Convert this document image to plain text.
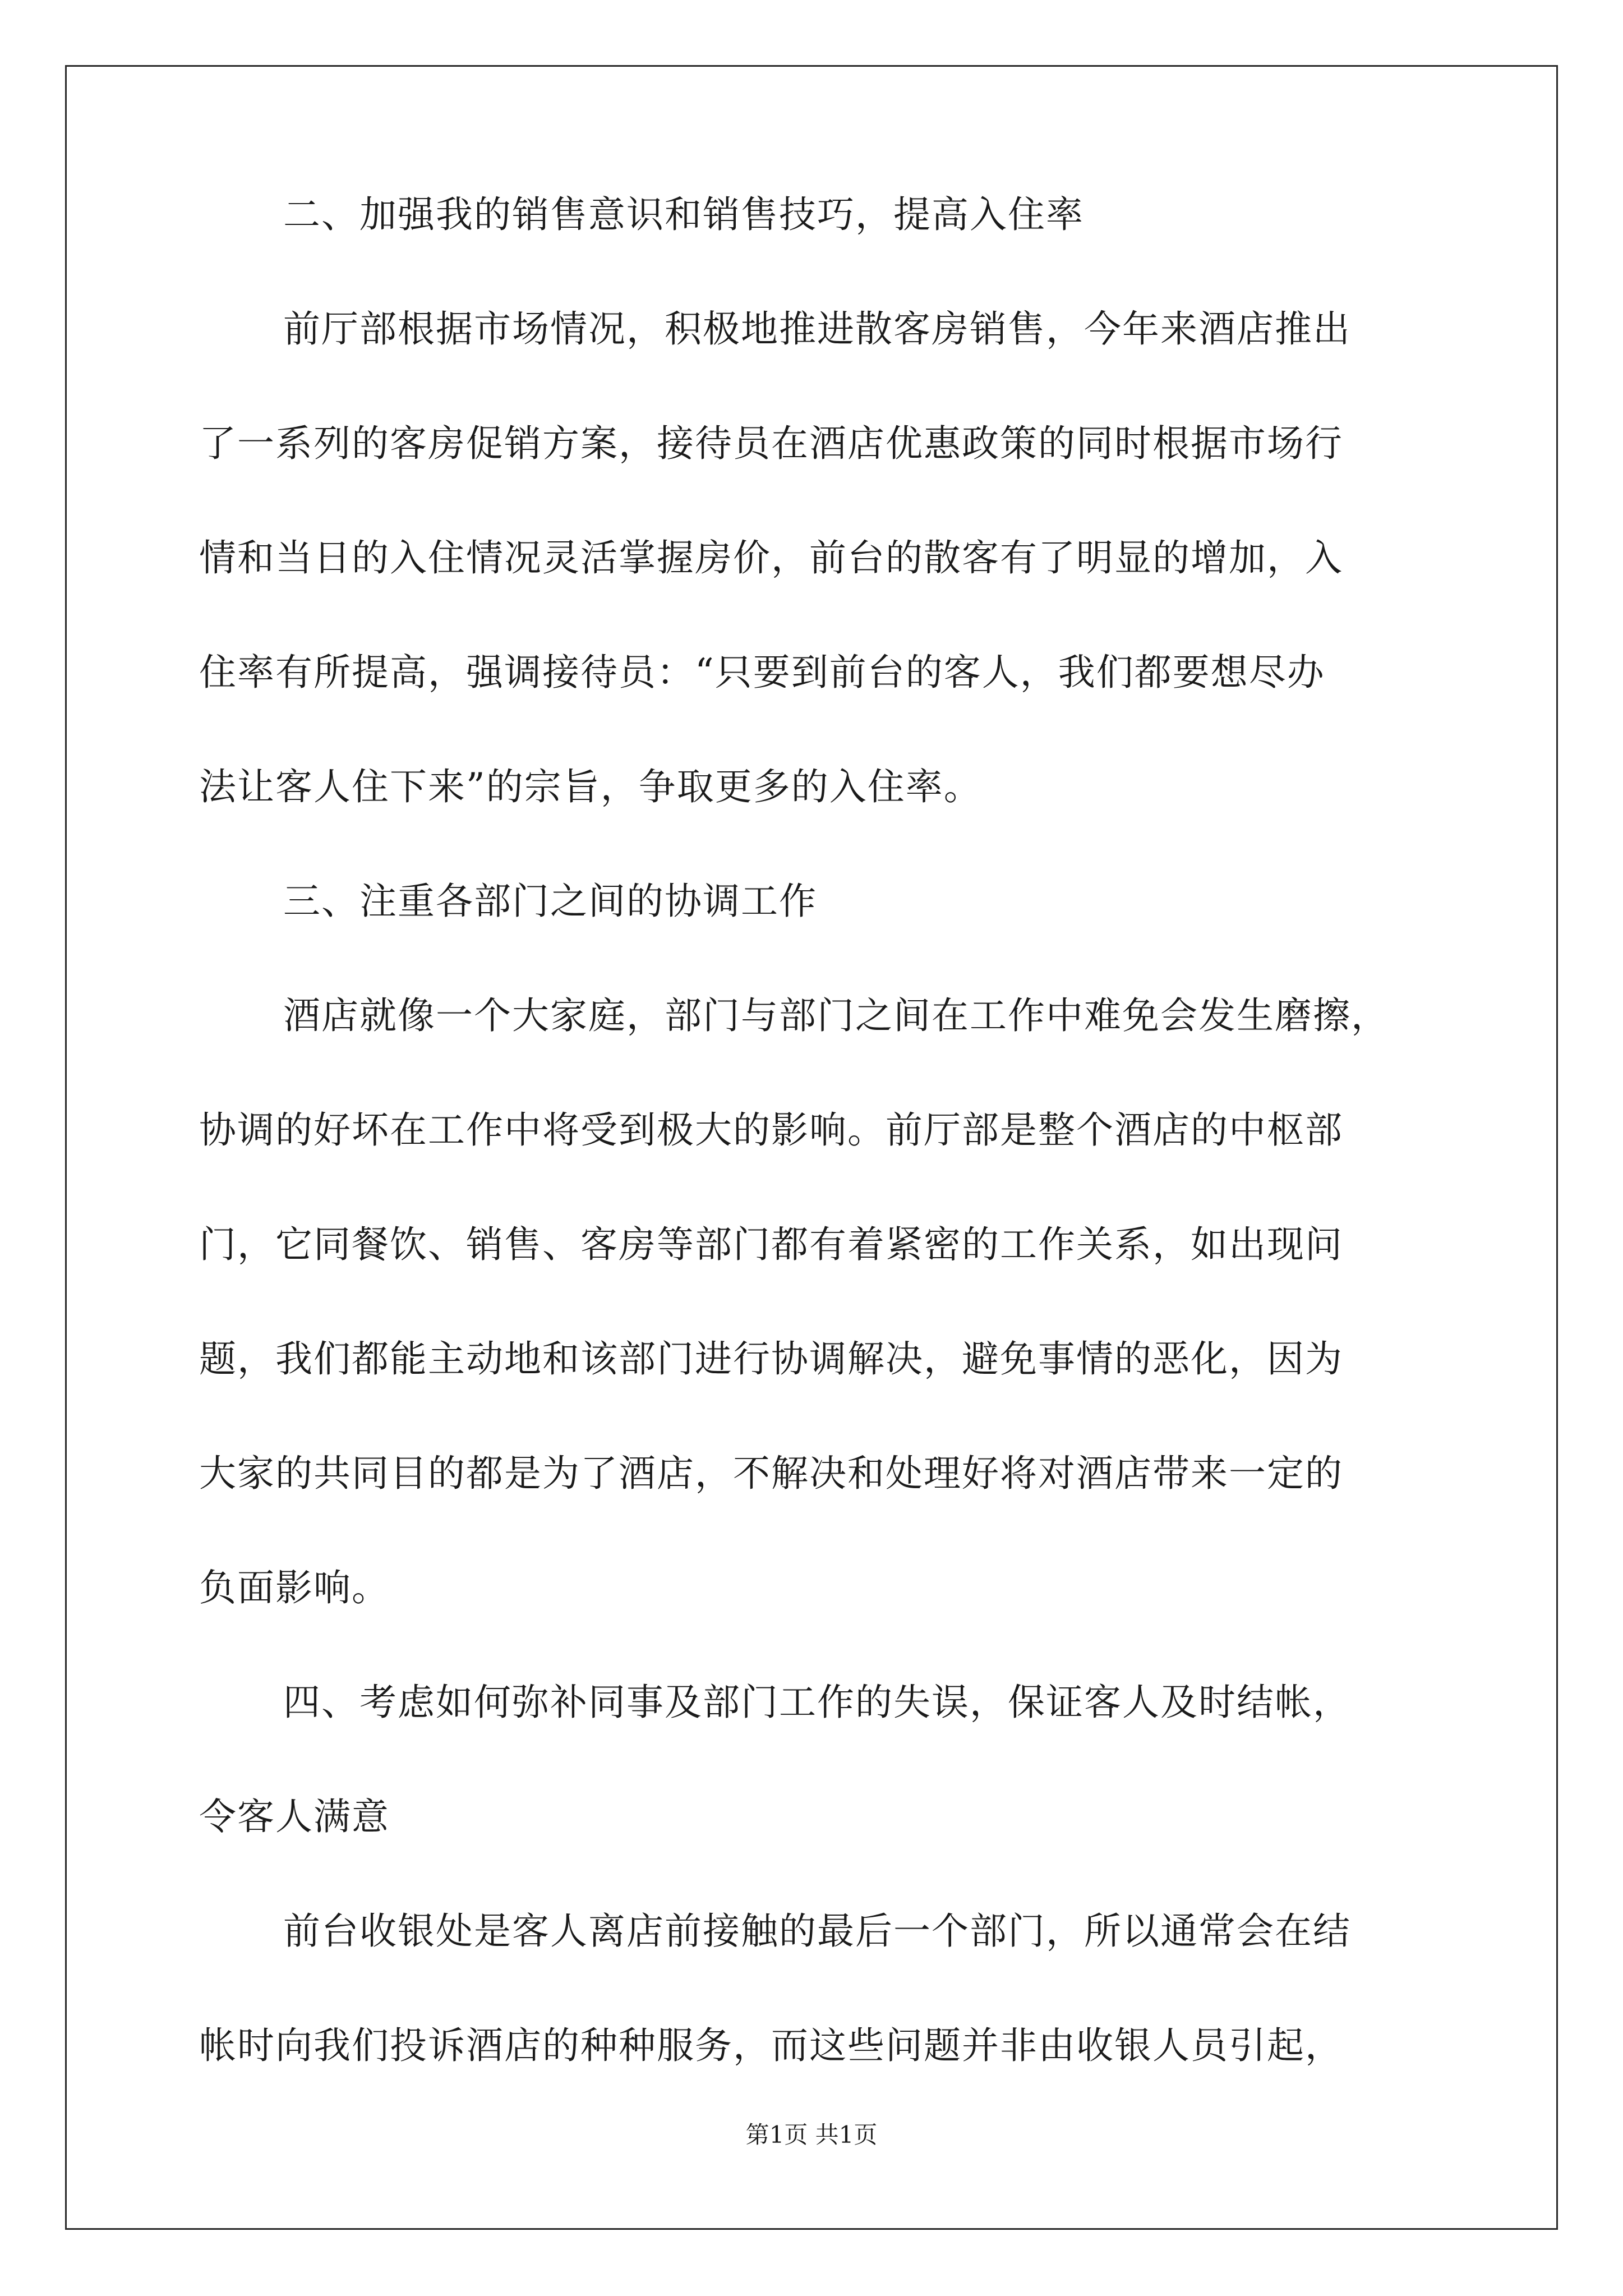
二、加强我的销售意识和销售技巧，提高入住率
前厅部根据市场情况，积极地推进散客房销售，今年来酒店推出
了一系列的客房促销方案，接待员在酒店优惠政策的同时根据市场行
情和当日的入住情况灵活掌握房价，前台的散客有了明显的增加，入
住率有所提高，强调接待员：“只要到前台的客人，我们都要想尽办
法让客人住下来”的宗旨，争取更多的入住率。
三、注重各部门之间的协调工作
酒店就像一个大家庭，部门与部门之间在工作中难免会发生磨擦，
协调的好坏在工作中将受到极大的影响。前厅部是整个酒店的中枢部
门，它同餐饮、销售、客房等部门都有着紧密的工作关系，如出现问
题，我们都能主动地和该部门进行协调解决，避免事情的恶化，因为
大家的共同目的都是为了酒店，不解决和处理好将对酒店带来一定的
负面影响。
四、考虑如何弥补同事及部门工作的失误，保证客人及时结帐，
令客人满意
前台收银处是客人离店前接触的最后一个部门，所以通常会在结
帐时向我们投诉酒店的种种服务，而这些问题并非由收银人员引起，
第1页 共1页
